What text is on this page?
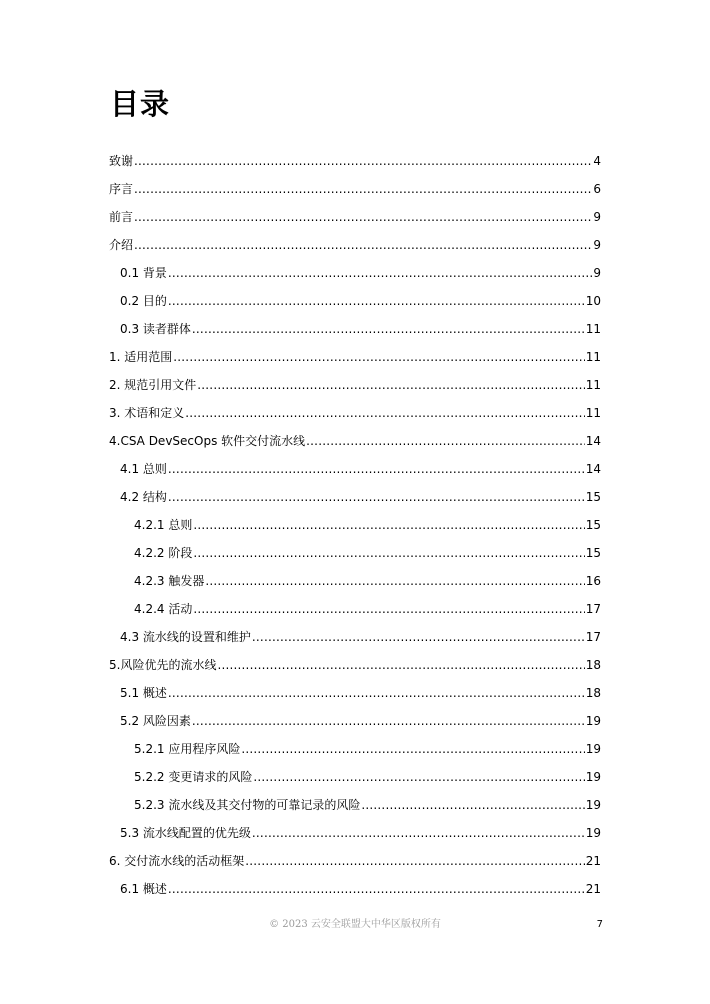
目录
致谢 .....	4
序言 .....	6
前言 .....	9
介绍 .....	9
0.1 背景 .....	9
0.2 目的 .....	10
0.3 读者群体 .....	11
1. 适用范围 .....	11
2. 规范引用文件 .....	11
3. 术语和定义 .....	11
4.CSA DevSecOps 软件交付流水线 .....	14
4.1 总则 .....	14
4.2 结构 .....	15
4.2.1 总则 .....	15
4.2.2 阶段 .....	15
4.2.3 触发器 .....	16
4.2.4 活动 .....	17
4.3 流水线的设置和维护 .....	17
5.风险优先的流水线 .....	18
5.1 概述 .....	18
5.2 风险因素 .....	19
5.2.1 应用程序风险 .....	19
5.2.2 变更请求的风险 .....	19
5.2.3 流水线及其交付物的可靠记录的风险 .....	19
5.3 流水线配置的优先级 .....	19
6. 交付流水线的活动框架 .....	21
6.1 概述 .....	21
© 2023 云安全联盟大中华区版权所有	7
